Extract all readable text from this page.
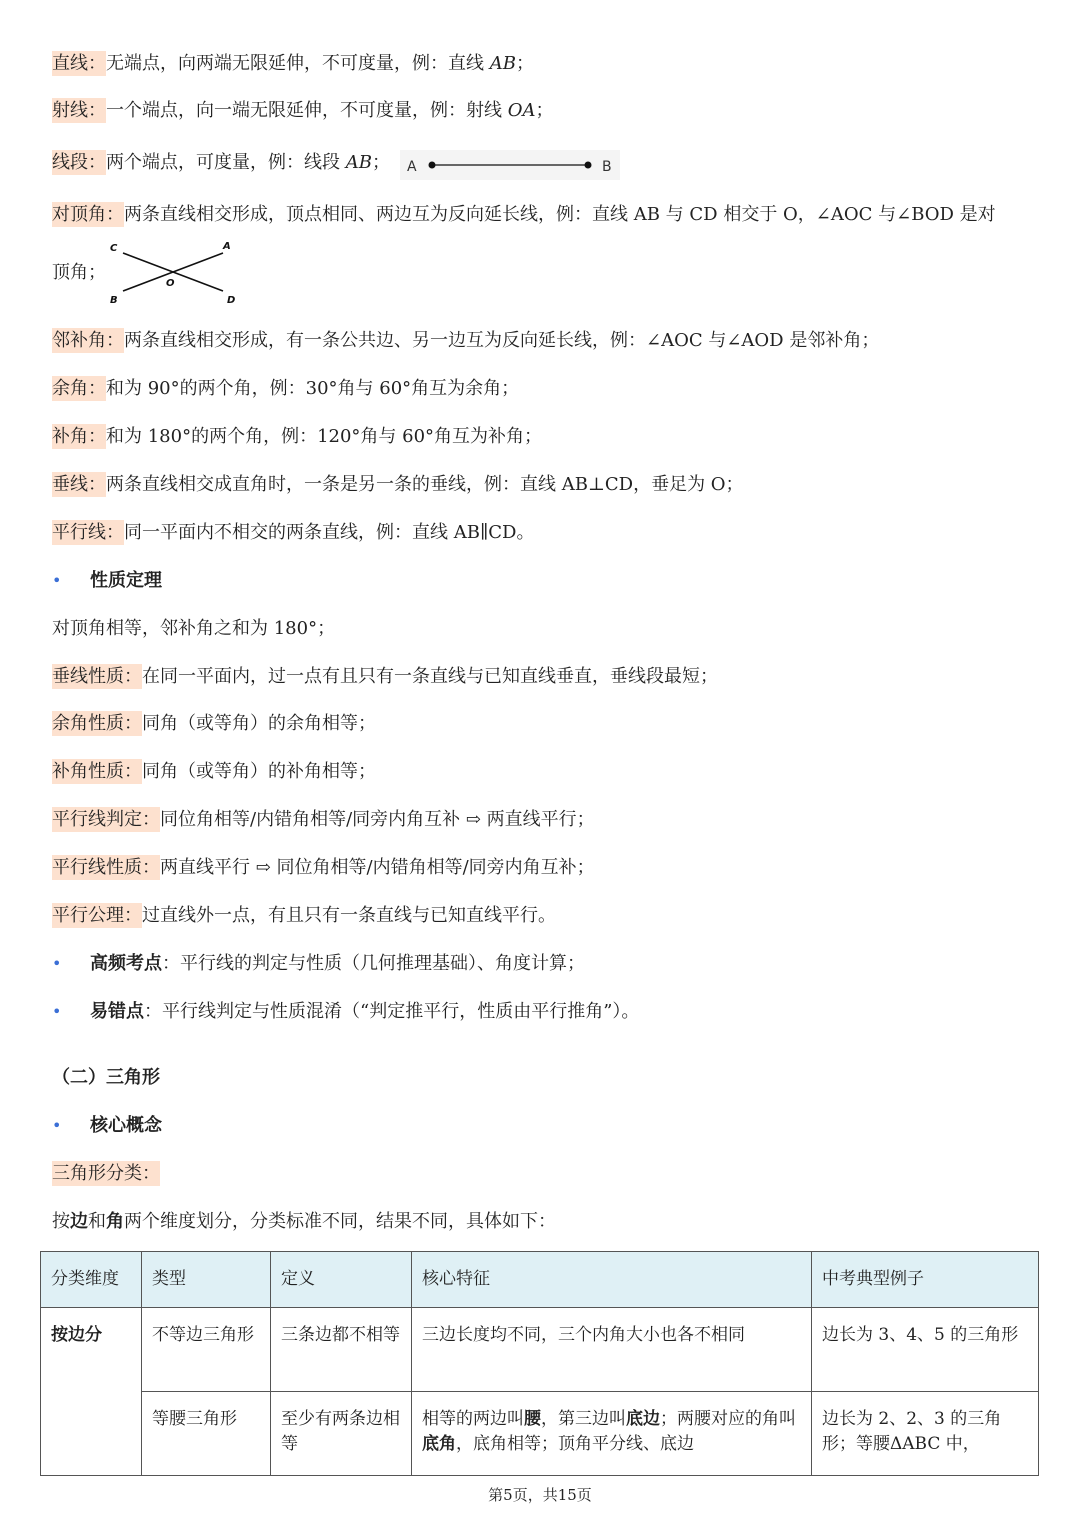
直线：无端点，向两端无限延伸，不可度量，例：直线 AB；
射线：一个端点，向一端无限延伸，不可度量，例：射线 OA；
线段：两个端点，可度量，例：线段 AB； A	B
对顶角：两条直线相交形成，顶点相同、两边互为反向延长线，例：直线 AB 与 CD 相交于 O，∠AOC 与∠BOD 是对
顶角；
C	A
O
B	D
邻补角：两条直线相交形成，有一条公共边、另一边互为反向延长线，例：∠AOC 与∠AOD 是邻补角；
余角：和为 90°的两个角，例：30°角与 60°角互为余角；
补角：和为 180°的两个角，例：120°角与 60°角互为补角；
垂线：两条直线相交成直角时，一条是另一条的垂线，例：直线 AB⊥CD，垂足为 O；
平行线：同一平面内不相交的两条直线，例：直线 AB∥CD。
• 性质定理
对顶角相等，邻补角之和为 180°；
垂线性质：在同一平面内，过一点有且只有一条直线与已知直线垂直，垂线段最短；
余角性质：同角（或等角）的余角相等；
补角性质：同角（或等角）的补角相等；
平行线判定：同位角相等/内错角相等/同旁内角互补 ⇨ 两直线平行；
平行线性质：两直线平行 ⇨ 同位角相等/内错角相等/同旁内角互补；
平行公理：过直线外一点，有且只有一条直线与已知直线平行。
• 高频考点：平行线的判定与性质（几何推理基础）、角度计算；
• 易错点：平行线判定与性质混淆（“判定推平行，性质由平行推角”）。
（二）三角形
• 核心概念
三角形分类：
按边和角两个维度划分，分类标准不同，结果不同，具体如下：
分类维度	类型	定义	核心特征	中考典型例子
按边分	不等边三角形	三条边都不相等	三边长度均不同，三个内角大小也各不相同	边长为 3、4、5 的三角形
	等腰三角形	至少有两条边相等	相等的两边叫腰，第三边叫底边；两腰对应的角叫底角，底角相等；顶角平分线、底边	边长为 2、2、3 的三角形；等腰ΔABC 中，
第5页，共15页
